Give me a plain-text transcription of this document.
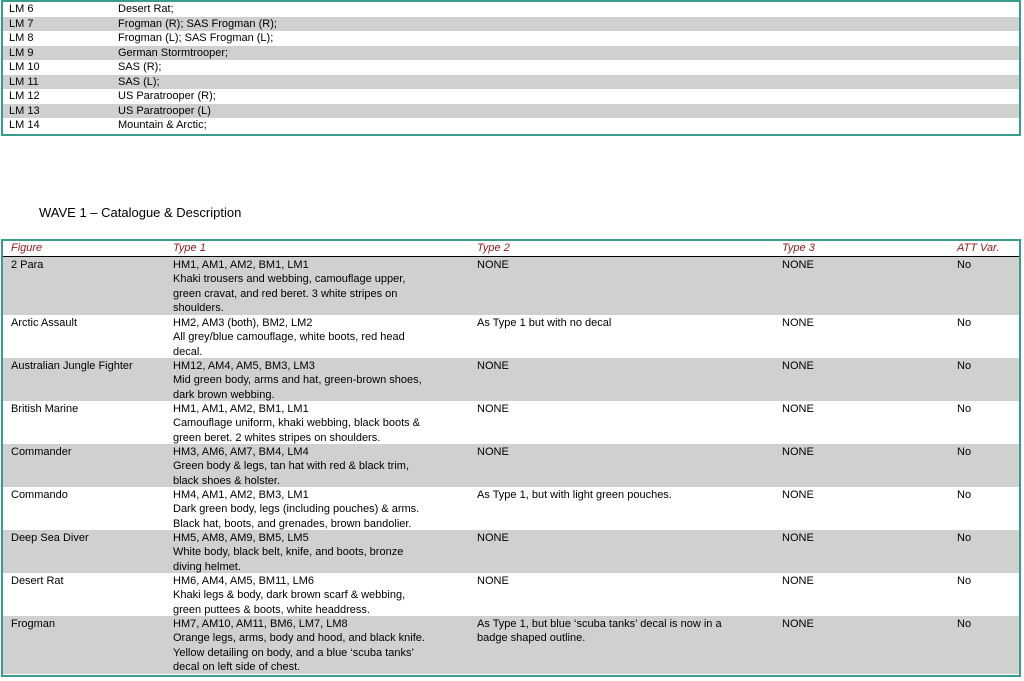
LM 6	Desert Rat;
LM 7	Frogman (R); SAS Frogman (R);
LM 8	Frogman (L); SAS Frogman (L);
LM 9	German Stormtrooper;
LM 10	SAS (R);
LM 11	SAS (L);
LM 12	US Paratrooper (R);
LM 13	US Paratrooper (L)
LM 14	Mountain & Arctic;
WAVE 1 – Catalogue & Description
Figure	Type 1	Type 2	Type 3	ATT Var.
2 Para	HM1, AM1, AM2, BM1, LM1
Khaki trousers and webbing, camouflage upper,
green cravat, and red beret. 3 white stripes on
shoulders.
NONE	NONE	No
Arctic Assault	HM2, AM3 (both), BM2, LM2
All grey/blue camouflage, white boots, red head
decal.
As Type 1 but with no decal	NONE	No
Australian Jungle Fighter	HM12, AM4, AM5, BM3, LM3
Mid green body, arms and hat, green-brown shoes,
dark brown webbing.
NONE	NONE	No
British Marine	HM1, AM1, AM2, BM1, LM1
Camouflage uniform, khaki webbing, black boots &
green beret. 2 whites stripes on shoulders.
NONE	NONE	No
Commander	HM3, AM6, AM7, BM4, LM4
Green body & legs, tan hat with red & black trim,
black shoes & holster.
NONE	NONE	No
Commando	HM4, AM1, AM2, BM3, LM1
Dark green body, legs (including pouches) & arms.
Black hat, boots, and grenades, brown bandolier.
As Type 1, but with light green pouches.	NONE	No
Deep Sea Diver	HM5, AM8, AM9, BM5, LM5
White body, black belt, knife, and boots, bronze
diving helmet.
NONE	NONE	No
Desert Rat	HM6, AM4, AM5, BM11, LM6
Khaki legs & body, dark brown scarf & webbing,
green puttees & boots, white headdress.
NONE	NONE	No
Frogman	HM7, AM10, AM11, BM6, LM7, LM8
Orange legs, arms, body and hood, and black knife.
Yellow detailing on body, and a blue ‘scuba tanks’
decal on left side of chest.
As Type 1, but blue ‘scuba tanks’ decal is now in a
badge shaped outline.
NONE	No
